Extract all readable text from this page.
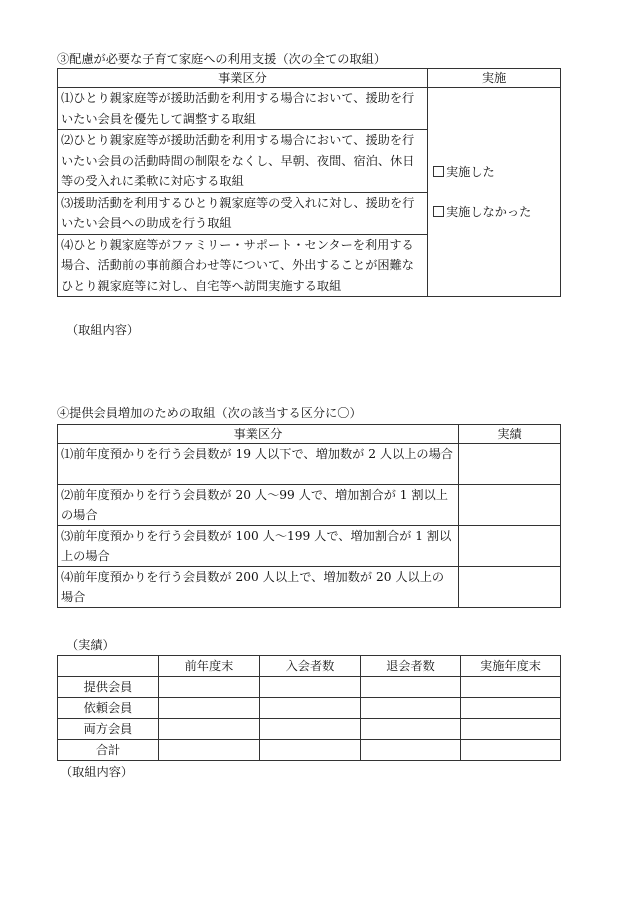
③配慮が必要な子育て家庭への利用支援（次の全ての取組）
事業区分	実施
⑴ひとり親家庭等が援助活動を利用する場合において、援助を行いたい会員を優先して調整する取組	実施した
実施しなかった

⑵ひとり親家庭等が援助活動を利用する場合において、援助を行いたい会員の活動時間の制限をなくし、早朝、夜間、宿泊、休日等の受入れに柔軟に対応する取組	
⑶援助活動を利用するひとり親家庭等の受入れに対し、援助を行いたい会員への助成を行う取組	
⑷ひとり親家庭等がファミリー・サポート・センターを利用する場合、活動前の事前顔合わせ等について、外出することが困難なひとり親家庭等に対し、自宅等へ訪問実施する取組	
（取組内容）
④提供会員増加のための取組（次の該当する区分に〇）
事業区分	実績
⑴前年度預かりを行う会員数が 19 人以下で、増加数が 2 人以上の場合	
⑵前年度預かりを行う会員数が 20 人～99 人で、増加割合が 1 割以上の場合	
⑶前年度預かりを行う会員数が 100 人～199 人で、増加割合が 1 割以上の場合	
⑷前年度預かりを行う会員数が 200 人以上で、増加数が 20 人以上の場合	
（実績）
	前年度末	入会者数	退会者数	実施年度末
提供会員				
依頼会員				
両方会員				
合計				
（取組内容）
